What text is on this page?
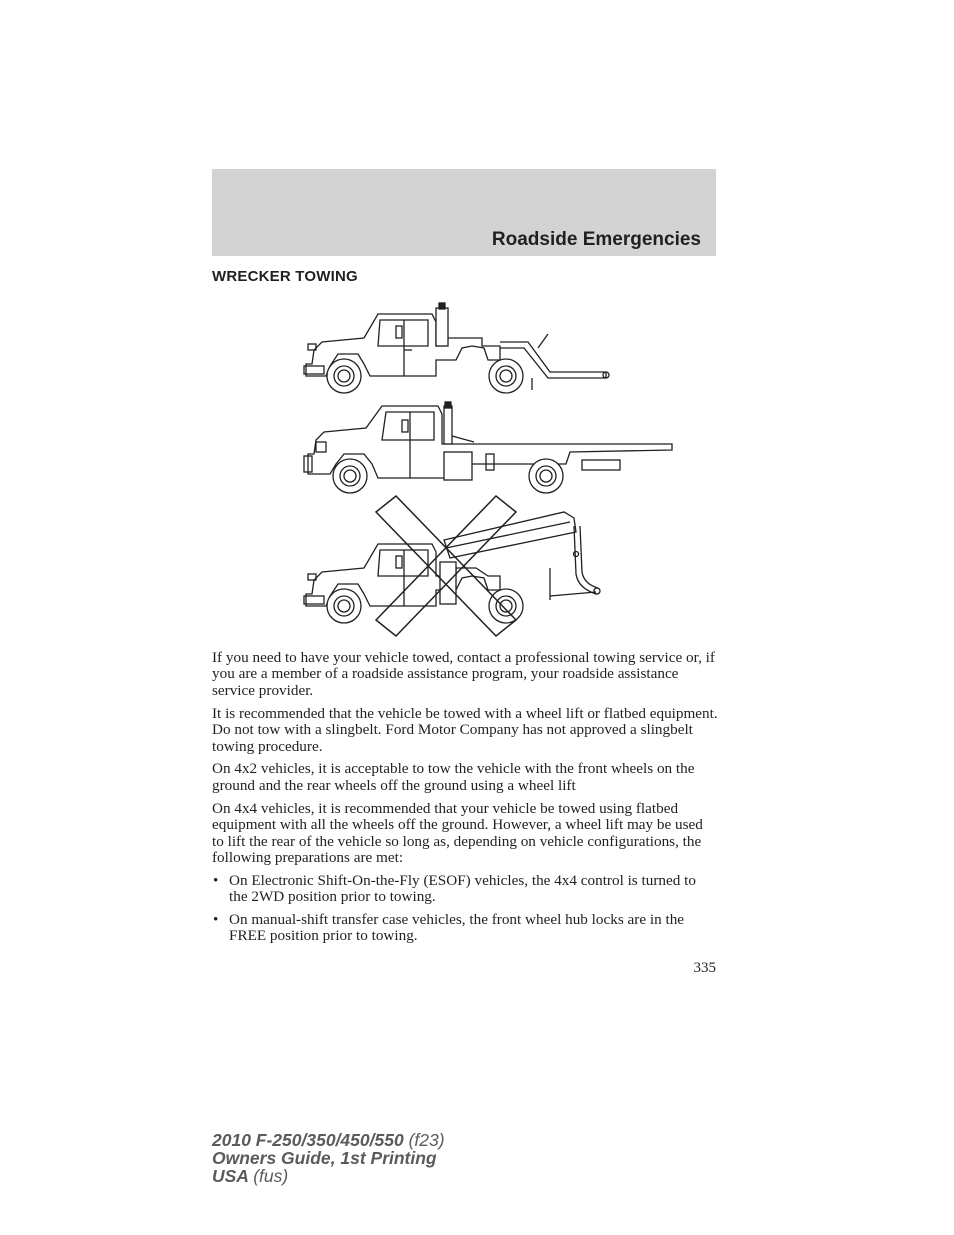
Roadside Emergencies
WRECKER TOWING

If you need to have your vehicle towed, contact a professional towing service or, if you are a member of a roadside assistance program, your roadside assistance service provider.

It is recommended that the vehicle be towed with a wheel lift or flatbed equipment. Do not tow with a slingbelt. Ford Motor Company has not approved a slingbelt towing procedure.

On 4x2 vehicles, it is acceptable to tow the vehicle with the front wheels on the ground and the rear wheels off the ground using a wheel lift

On 4x4 vehicles, it is recommended that your vehicle be towed using flatbed equipment with all the wheels off the ground. However, a wheel lift may be used to lift the rear of the vehicle so long as, depending on vehicle configurations, the following preparations are met:

• On Electronic Shift-On-the-Fly (ESOF) vehicles, the 4x4 control is turned to the 2WD position prior to towing.
• On manual-shift transfer case vehicles, the front wheel hub locks are in the FREE position prior to towing.
335
2010 F-250/350/450/550 (f23)
Owners Guide, 1st Printing
USA (fus)
